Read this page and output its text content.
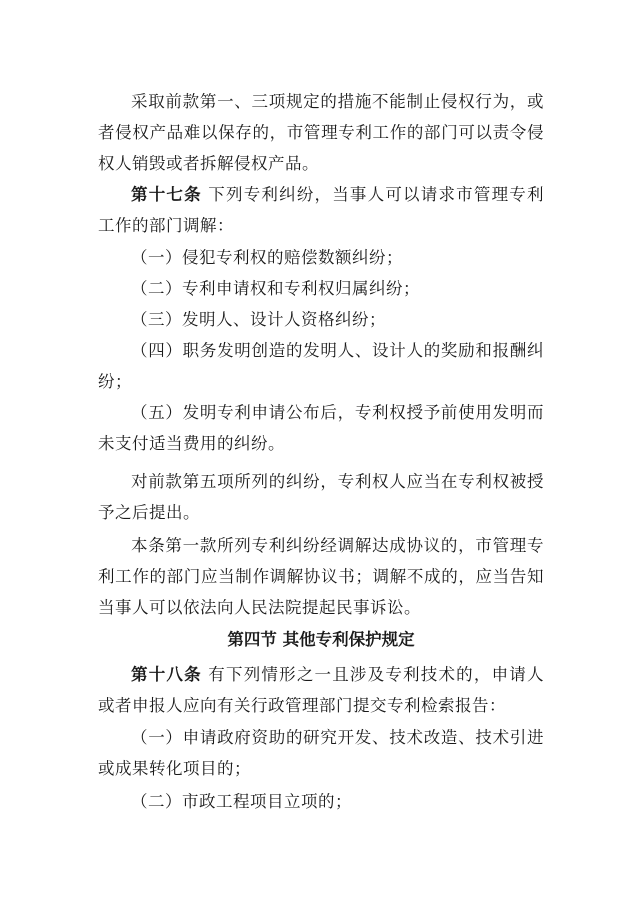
采取前款第一、三项规定的措施不能制止侵权行为，或者侵权产品难以保存的，市管理专利工作的部门可以责令侵权人销毁或者拆解侵权产品。

第十七条 下列专利纠纷，当事人可以请求市管理专利工作的部门调解：

（一）侵犯专利权的赔偿数额纠纷；

（二）专利申请权和专利权归属纠纷；

（三）发明人、设计人资格纠纷；

（四）职务发明创造的发明人、设计人的奖励和报酬纠纷；

（五）发明专利申请公布后，专利权授予前使用发明而未支付适当费用的纠纷。

对前款第五项所列的纠纷，专利权人应当在专利权被授予之后提出。

本条第一款所列专利纠纷经调解达成协议的，市管理专利工作的部门应当制作调解协议书；调解不成的，应当告知当事人可以依法向人民法院提起民事诉讼。

第四节 其他专利保护规定

第十八条 有下列情形之一且涉及专利技术的，申请人或者申报人应向有关行政管理部门提交专利检索报告：

（一）申请政府资助的研究开发、技术改造、技术引进或成果转化项目的；

（二）市政工程项目立项的；
